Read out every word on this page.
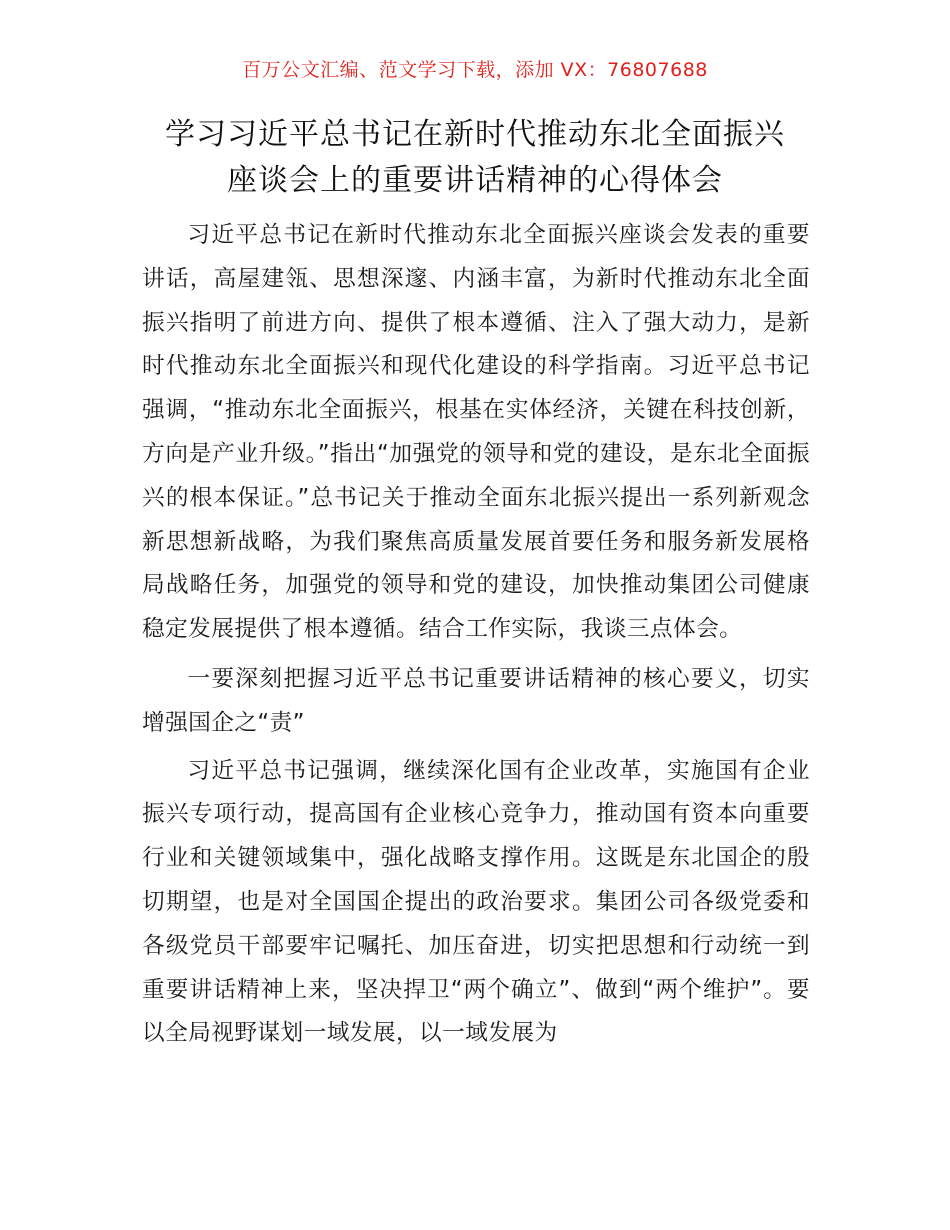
百万公文汇编、范文学习下载，添加 VX：76807688
学习习近平总书记在新时代推动东北全面振兴
座谈会上的重要讲话精神的心得体会

习近平总书记在新时代推动东北全面振兴座谈会发表的重要讲话，高屋建瓴、思想深邃、内涵丰富，为新时代推动东北全面振兴指明了前进方向、提供了根本遵循、注入了强大动力，是新时代推动东北全面振兴和现代化建设的科学指南。习近平总书记强调，“推动东北全面振兴，根基在实体经济，关键在科技创新，方向是产业升级。”指出“加强党的领导和党的建设，是东北全面振兴的根本保证。”总书记关于推动全面东北振兴提出一系列新观念新思想新战略，为我们聚焦高质量发展首要任务和服务新发展格局战略任务，加强党的领导和党的建设，加快推动集团公司健康稳定发展提供了根本遵循。结合工作实际，我谈三点体会。

一要深刻把握习近平总书记重要讲话精神的核心要义，切实增强国企之“责”

习近平总书记强调，继续深化国有企业改革，实施国有企业振兴专项行动，提高国有企业核心竞争力，推动国有资本向重要行业和关键领域集中，强化战略支撑作用。这既是东北国企的殷切期望，也是对全国国企提出的政治要求。集团公司各级党委和各级党员干部要牢记嘱托、加压奋进，切实把思想和行动统一到重要讲话精神上来，坚决捍卫“两个确立”、做到“两个维护”。要以全局视野谋划一域发展，以一域发展为
